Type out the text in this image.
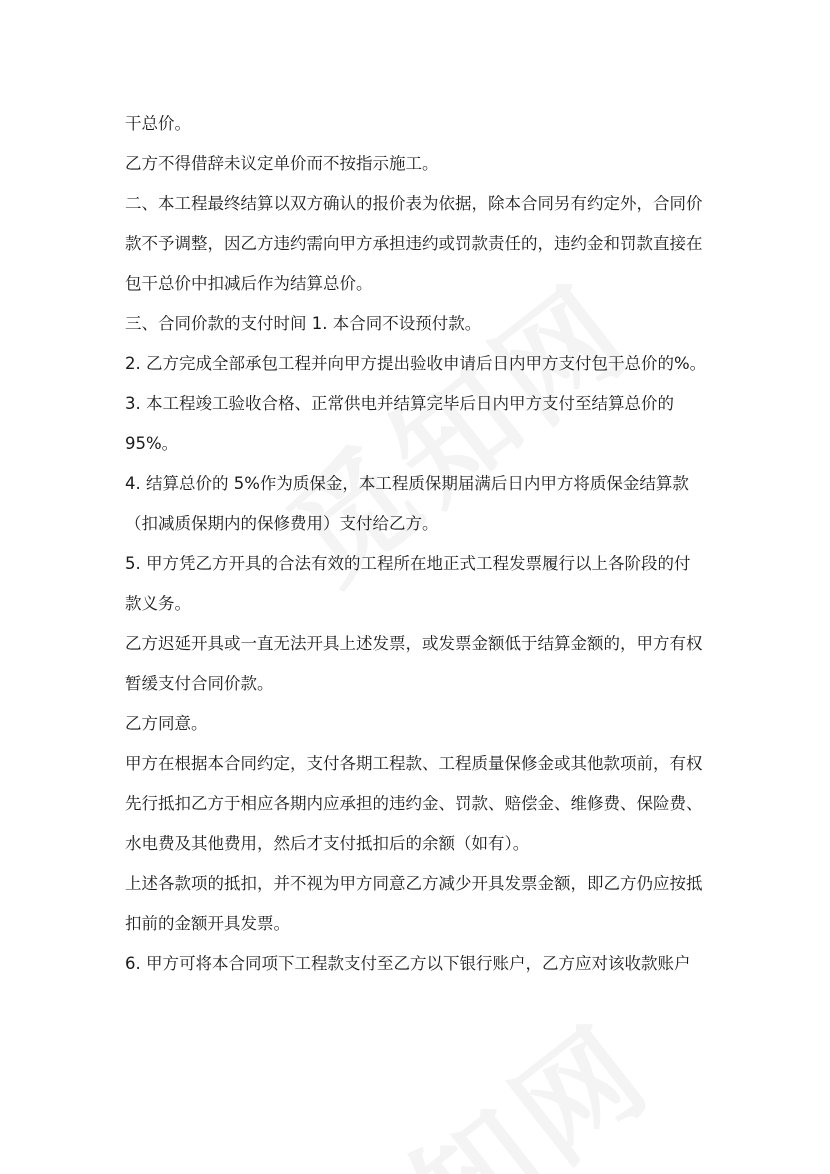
干总价。
乙方不得借辞未议定单价而不按指示施工。
二、本工程最终结算以双方确认的报价表为依据，除本合同另有约定外，合同价
款不予调整，因乙方违约需向甲方承担违约或罚款责任的，违约金和罚款直接在
包干总价中扣减后作为结算总价。
三、合同价款的支付时间 1. 本合同不设预付款。
2. 乙方完成全部承包工程并向甲方提出验收申请后日内甲方支付包干总价的%。
3. 本工程竣工验收合格、正常供电并结算完毕后日内甲方支付至结算总价的
95%。
4. 结算总价的 5%作为质保金，本工程质保期届满后日内甲方将质保金结算款
（扣减质保期内的保修费用）支付给乙方。
5. 甲方凭乙方开具的合法有效的工程所在地正式工程发票履行以上各阶段的付
款义务。
乙方迟延开具或一直无法开具上述发票，或发票金额低于结算金额的，甲方有权
暂缓支付合同价款。
乙方同意。
甲方在根据本合同约定，支付各期工程款、工程质量保修金或其他款项前，有权
先行抵扣乙方于相应各期内应承担的违约金、罚款、赔偿金、维修费、保险费、
水电费及其他费用，然后才支付抵扣后的余额（如有）。
上述各款项的抵扣，并不视为甲方同意乙方减少开具发票金额，即乙方仍应按抵
扣前的金额开具发票。
6. 甲方可将本合同项下工程款支付至乙方以下银行账户，乙方应对该收款账户
